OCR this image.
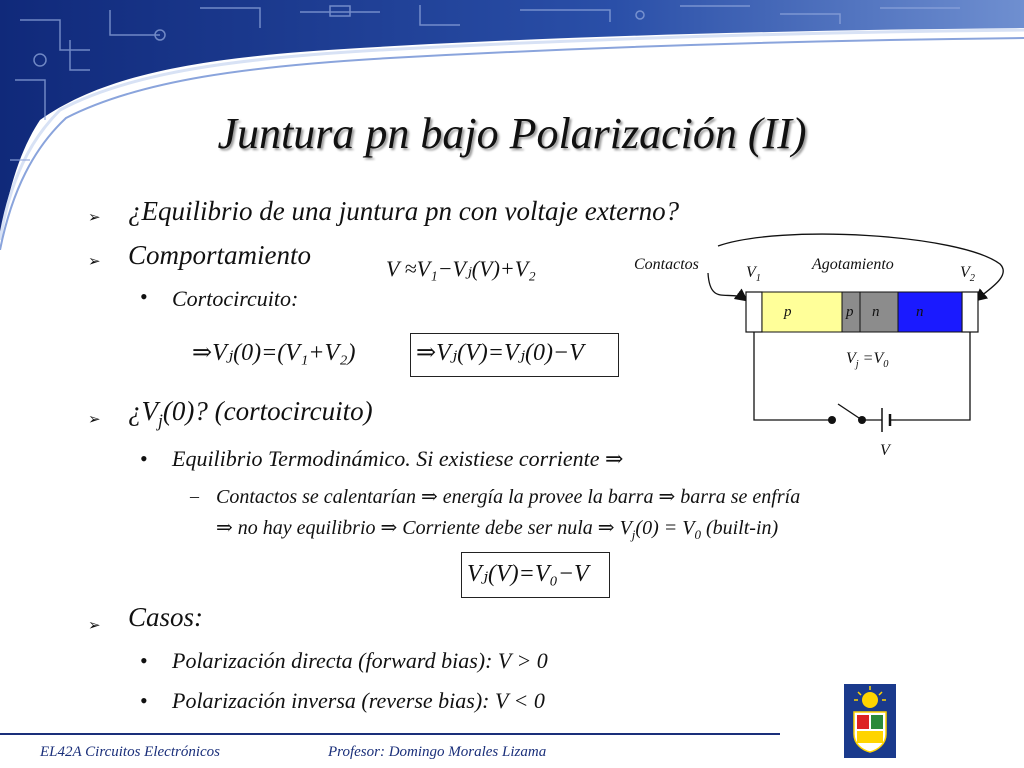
Juntura pn bajo Polarización (II)
➢ ¿Equilibrio de una juntura pn con voltaje externo?
➢ Comportamiento	V ≈V₁−Vⱼ(V)+V₂
• Cortocircuito:
⇒Vⱼ(0)=(V₁+V₂)	⇒Vⱼ(V)=Vⱼ(0)−V
➢ ¿$V_j(0)$? (cortocircuito)
• Equilibrio Termodinámico. Si existiese corriente ⇒
– Contactos se calentarían ⇒ energía la provee la barra ⇒ barra se enfría
⇒ no hay equilibrio ⇒ Corriente debe ser nula ⇒ $V_j(0) = V_0$ (built-in)
Vⱼ(V)=V₀−V
➢ Casos:
• Polarización directa (forward bias): V > 0
• Polarización inversa (reverse bias): V < 0
Contactos	Agotamiento
$V_1$	$V_2$
p	p n n
$V_j =V_0$
V
EL42A Circuitos Electrónicos	Profesor: Domingo Morales Lizama
